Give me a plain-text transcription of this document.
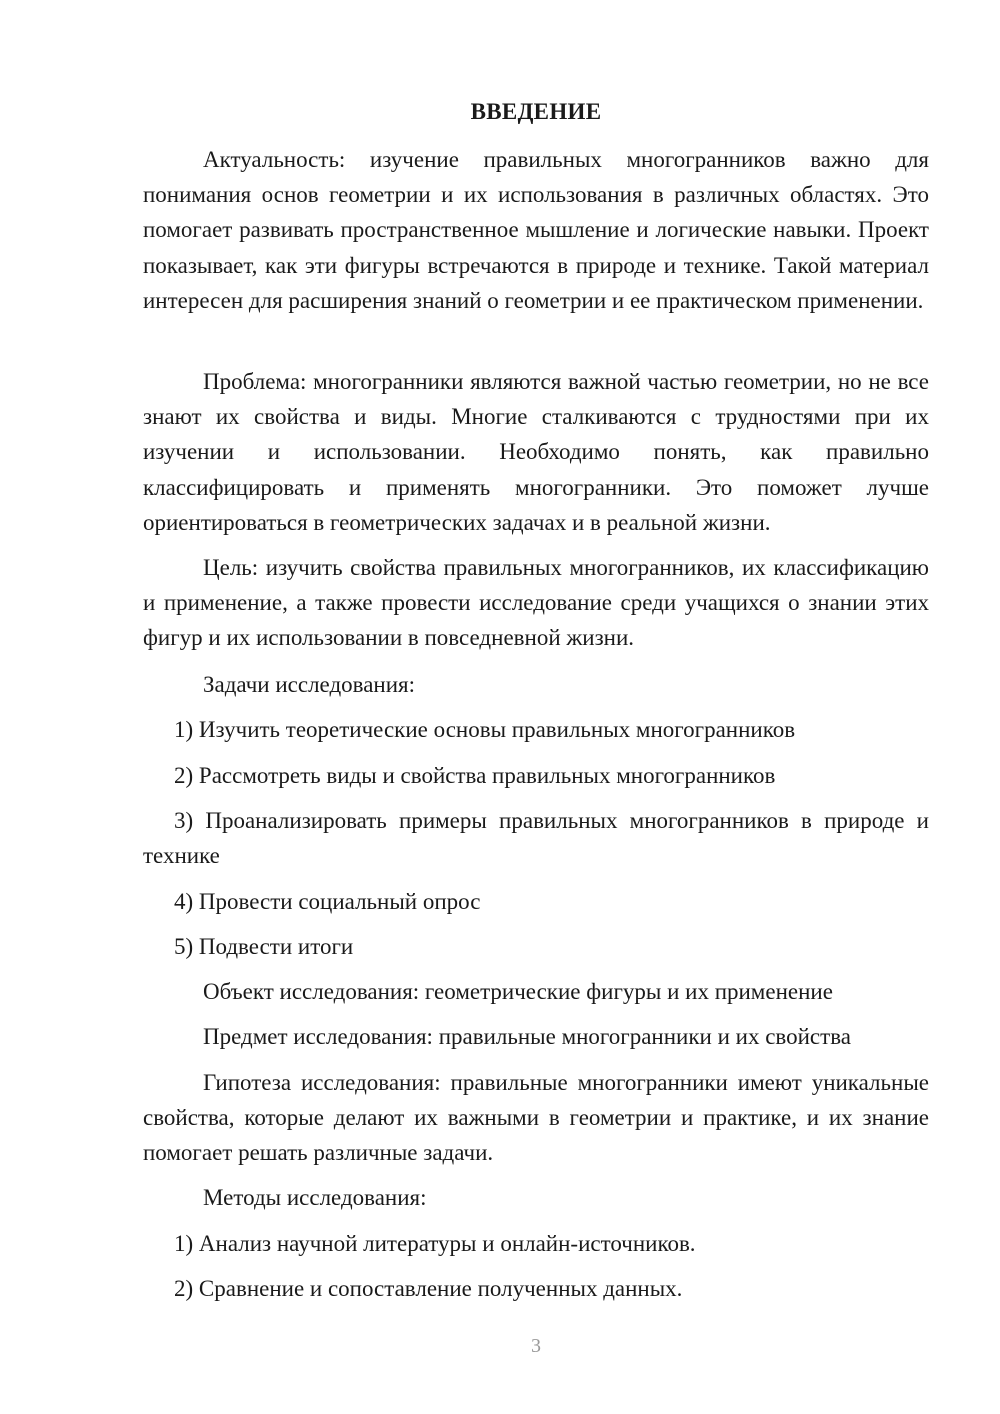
ВВЕДЕНИЕ

Актуальность: изучение правильных многогранников важно для понимания основ геометрии и их использования в различных областях. Это помогает развивать пространственное мышление и логические навыки. Проект показывает, как эти фигуры встречаются в природе и технике. Такой материал интересен для расширения знаний о геометрии и ее практическом применении.

Проблема: многогранники являются важной частью геометрии, но не все знают их свойства и виды. Многие сталкиваются с трудностями при их изучении и использовании. Необходимо понять, как правильно классифицировать и применять многогранники. Это поможет лучше ориентироваться в геометрических задачах и в реальной жизни.

Цель: изучить свойства правильных многогранников, их классификацию и применение, а также провести исследование среди учащихся о знании этих фигур и их использовании в повседневной жизни.

Задачи исследования:

1) Изучить теоретические основы правильных многогранников

2) Рассмотреть виды и свойства правильных многогранников

3) Проанализировать примеры правильных многогранников в природе и технике

4) Провести социальный опрос

5) Подвести итоги

Объект исследования: геометрические фигуры и их применение

Предмет исследования: правильные многогранники и их свойства

Гипотеза исследования: правильные многогранники имеют уникальные свойства, которые делают их важными в геометрии и практике, и их знание помогает решать различные задачи.

Методы исследования:

1) Анализ научной литературы и онлайн-источников.

2) Сравнение и сопоставление полученных данных.

3
